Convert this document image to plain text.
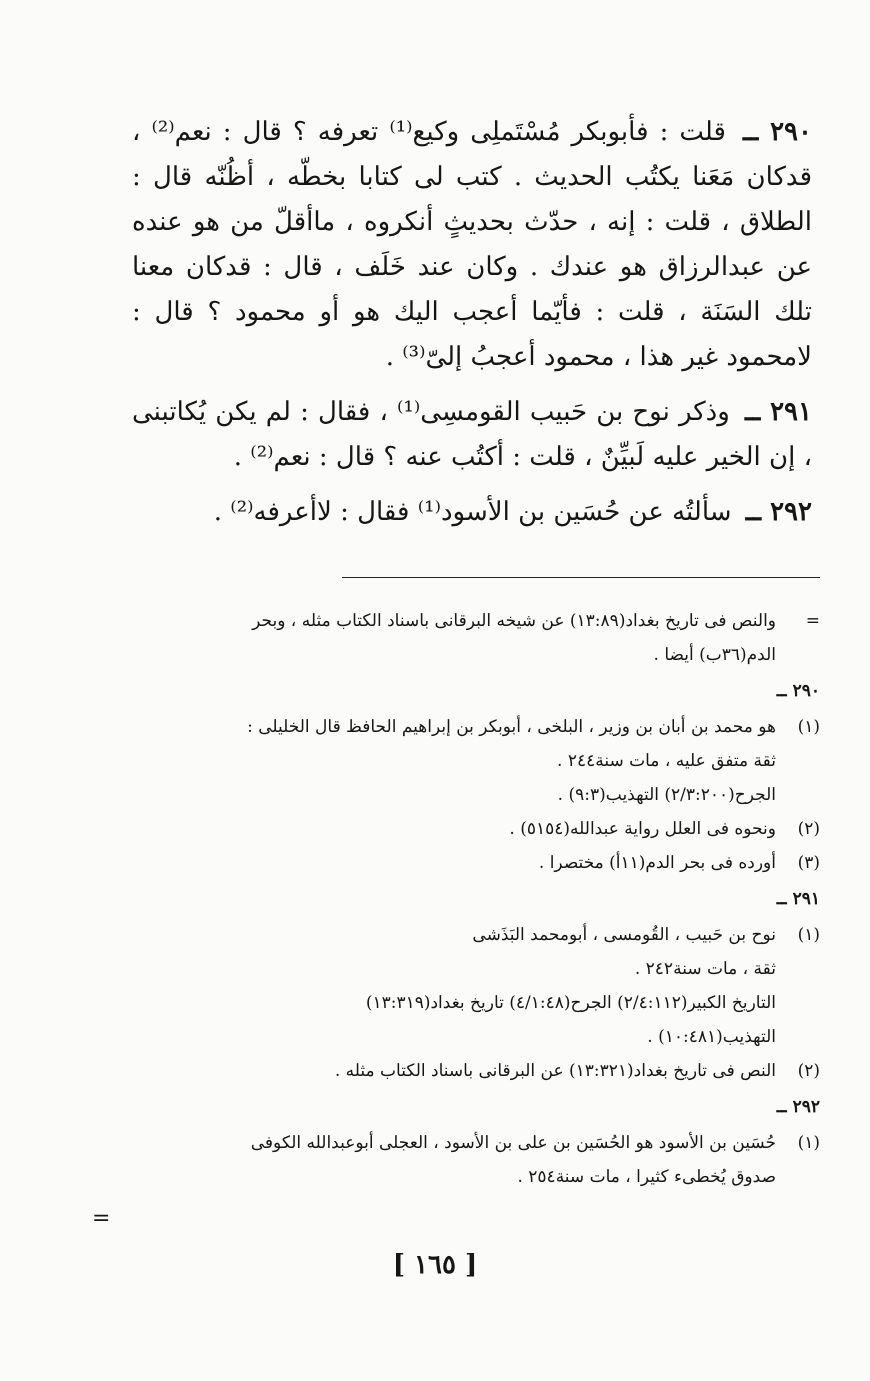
٢٩٠ ــ قلت : فأبوبكر مُسْتَملِى وكيع⁽¹⁾ تعرفه ؟ قال : نعم⁽²⁾ ، قدكان مَعَنا يكتُب الحديث . كتب لى كتابا بخطّه ، أظُنّه قال : الطلاق ، قلت : إنه ، حدّث بحديثٍ أنكروه ، ماأقلّ من هو عنده عن عبدالرزاق هو عندك . وكان عند خَلَف ، قال : قدكان معنا تلك السَنَة ، قلت : فأيّما أعجب اليك هو أو محمود ؟ قال : لامحمود غير هذا ، محمود أعجبُ إلىّ⁽³⁾ .

٢٩١ ــ وذكر نوح بن حَبيب القومسِى⁽¹⁾ ، فقال : لم يكن يُكاتبنى ، إن الخير عليه لَبيِّنٌ ، قلت : أكتُب عنه ؟ قال : نعم⁽²⁾ .

٢٩٢ ــ سألتُه عن حُسَين بن الأسود⁽¹⁾ فقال : لاأعرفه⁽²⁾ .

=
والنص فى تاريخ بغداد(١٣:٨٩) عن شيخه البرقانى باسناد الكتاب مثله ، وبحر
الدم(٣٦ب) أيضا .
٢٩٠ ــ
(١)
هو محمد بن أبان بن وزير ، البلخى ، أبوبكر بن إبراهيم الحافظ قال الخليلى :
ثقة متفق عليه ، مات سنة٢٤٤ .
الجرح(٢/٣:٢٠٠) التهذيب(٩:٣) .
(٢)
ونحوه فى العلل رواية عبدالله(٥١٥٤) .
(٣)
أورده فى بحر الدم(١١أ) مختصرا .
٢٩١ ــ
(١)
نوح بن حَبيب ، القُومسى ، أبومحمد البَذَشى
ثقة ، مات سنة٢٤٢ .
التاريخ الكبير(٢/٤:١١٢) الجرح(٤/١:٤٨) تاريخ بغداد(١٣:٣١٩)
التهذيب(١٠:٤٨١) .
(٢)
النص فى تاريخ بغداد(١٣:٣٢١) عن البرقانى باسناد الكتاب مثله .
٢٩٢ ــ
(١)
حُسَين بن الأسود هو الحُسَين بن على بن الأسود ، العجلى أبوعبدالله الكوفى
صدوق يُخطىء كثيرا ، مات سنة٢٥٤ .
=
[ ١٦٥ ]
